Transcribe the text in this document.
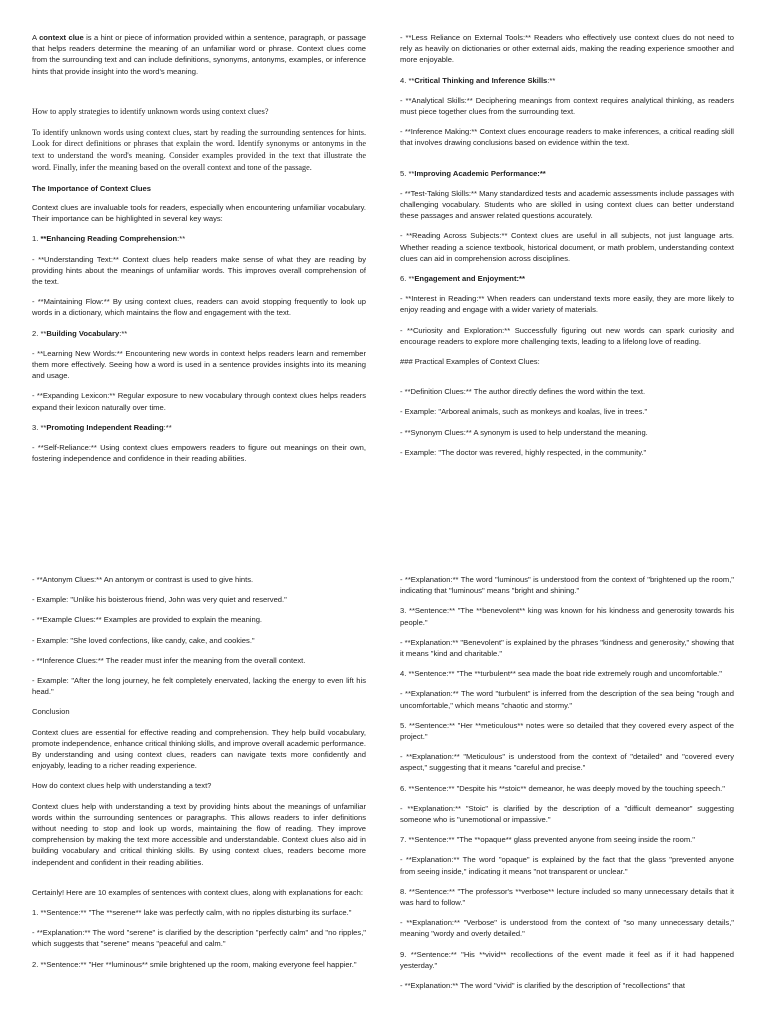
A context clue is a hint or piece of information provided within a sentence, paragraph, or passage that helps readers determine the meaning of an unfamiliar word or phrase. Context clues come from the surrounding text and can include definitions, synonyms, antonyms, examples, or inference hints that provide insight into the word's meaning.

How to apply strategies to identify unknown words using context clues?

To identify unknown words using context clues, start by reading the surrounding sentences for hints. Look for direct definitions or phrases that explain the word. Identify synonyms or antonyms in the text to understand the word's meaning. Consider examples provided in the text that illustrate the word. Finally, infer the meaning based on the overall context and tone of the passage.

The Importance of Context Clues

Context clues are invaluable tools for readers, especially when encountering unfamiliar vocabulary. Their importance can be highlighted in several key ways:

1. **Enhancing Reading Comprehension:**

- **Understanding Text:** Context clues help readers make sense of what they are reading by providing hints about the meanings of unfamiliar words. This improves overall comprehension of the text.

- **Maintaining Flow:** By using context clues, readers can avoid stopping frequently to look up words in a dictionary, which maintains the flow and engagement with the text.

2. **Building Vocabulary:**

- **Learning New Words:** Encountering new words in context helps readers learn and remember them more effectively. Seeing how a word is used in a sentence provides insights into its meaning and usage.

- **Expanding Lexicon:** Regular exposure to new vocabulary through context clues helps readers expand their lexicon naturally over time.

3. **Promoting Independent Reading:**

- **Self-Reliance:** Using context clues empowers readers to figure out meanings on their own, fostering independence and confidence in their reading abilities.

- **Less Reliance on External Tools:** Readers who effectively use context clues do not need to rely as heavily on dictionaries or other external aids, making the reading experience smoother and more enjoyable.

4. **Critical Thinking and Inference Skills:**

- **Analytical Skills:** Deciphering meanings from context requires analytical thinking, as readers must piece together clues from the surrounding text.

- **Inference Making:** Context clues encourage readers to make inferences, a critical reading skill that involves drawing conclusions based on evidence within the text.

5. **Improving Academic Performance:**

- **Test-Taking Skills:** Many standardized tests and academic assessments include passages with challenging vocabulary. Students who are skilled in using context clues can better understand these passages and answer related questions accurately.

- **Reading Across Subjects:** Context clues are useful in all subjects, not just language arts. Whether reading a science textbook, historical document, or math problem, understanding context clues can aid in comprehension across disciplines.

6. **Engagement and Enjoyment:**

- **Interest in Reading:** When readers can understand texts more easily, they are more likely to enjoy reading and engage with a wider variety of materials.

- **Curiosity and Exploration:** Successfully figuring out new words can spark curiosity and encourage readers to explore more challenging texts, leading to a lifelong love of reading.

### Practical Examples of Context Clues:

- **Definition Clues:** The author directly defines the word within the text.

- Example: "Arboreal animals, such as monkeys and koalas, live in trees."

- **Synonym Clues:** A synonym is used to help understand the meaning.

- Example: "The doctor was revered, highly respected, in the community."

- **Antonym Clues:** An antonym or contrast is used to give hints.

- Example: "Unlike his boisterous friend, John was very quiet and reserved."

- **Example Clues:** Examples are provided to explain the meaning.

- Example: "She loved confections, like candy, cake, and cookies."

- **Inference Clues:** The reader must infer the meaning from the overall context.

- Example: "After the long journey, he felt completely enervated, lacking the energy to even lift his head."

Conclusion

Context clues are essential for effective reading and comprehension. They help build vocabulary, promote independence, enhance critical thinking skills, and improve overall academic performance. By understanding and using context clues, readers can navigate texts more confidently and enjoyably, leading to a richer reading experience.

How do context clues help with understanding a text?

Context clues help with understanding a text by providing hints about the meanings of unfamiliar words within the surrounding sentences or paragraphs. This allows readers to infer definitions without needing to stop and look up words, maintaining the flow of reading. They improve comprehension by making the text more accessible and understandable. Context clues also aid in building vocabulary and critical thinking skills. By using context clues, readers become more independent and confident in their reading abilities.

Certainly! Here are 10 examples of sentences with context clues, along with explanations for each:

1. **Sentence:** "The **serene** lake was perfectly calm, with no ripples disturbing its surface."

- **Explanation:** The word "serene" is clarified by the description "perfectly calm" and "no ripples," which suggests that "serene" means "peaceful and calm."

2. **Sentence:** "Her **luminous** smile brightened up the room, making everyone feel happier."

- **Explanation:** The word "luminous" is understood from the context of "brightened up the room," indicating that "luminous" means "bright and shining."

3. **Sentence:** "The **benevolent** king was known for his kindness and generosity towards his people."

- **Explanation:** "Benevolent" is explained by the phrases "kindness and generosity," showing that it means "kind and charitable."

4. **Sentence:** "The **turbulent** sea made the boat ride extremely rough and uncomfortable."

- **Explanation:** The word "turbulent" is inferred from the description of the sea being "rough and uncomfortable," which means "chaotic and stormy."

5. **Sentence:** "Her **meticulous** notes were so detailed that they covered every aspect of the project."

- **Explanation:** "Meticulous" is understood from the context of "detailed" and "covered every aspect," suggesting that it means "careful and precise."

6. **Sentence:** "Despite his **stoic** demeanor, he was deeply moved by the touching speech."

- **Explanation:** "Stoic" is clarified by the description of a "difficult demeanor" suggesting someone who is "unemotional or impassive."

7. **Sentence:** "The **opaque** glass prevented anyone from seeing inside the room."

- **Explanation:** The word "opaque" is explained by the fact that the glass "prevented anyone from seeing inside," indicating it means "not transparent or unclear."

8. **Sentence:** "The professor's **verbose** lecture included so many unnecessary details that it was hard to follow."

- **Explanation:** "Verbose" is understood from the context of "so many unnecessary details," meaning "wordy and overly detailed."

9. **Sentence:** "His **vivid** recollections of the event made it feel as if it had happened yesterday."

- **Explanation:** The word "vivid" is clarified by the description of "recollections" that
